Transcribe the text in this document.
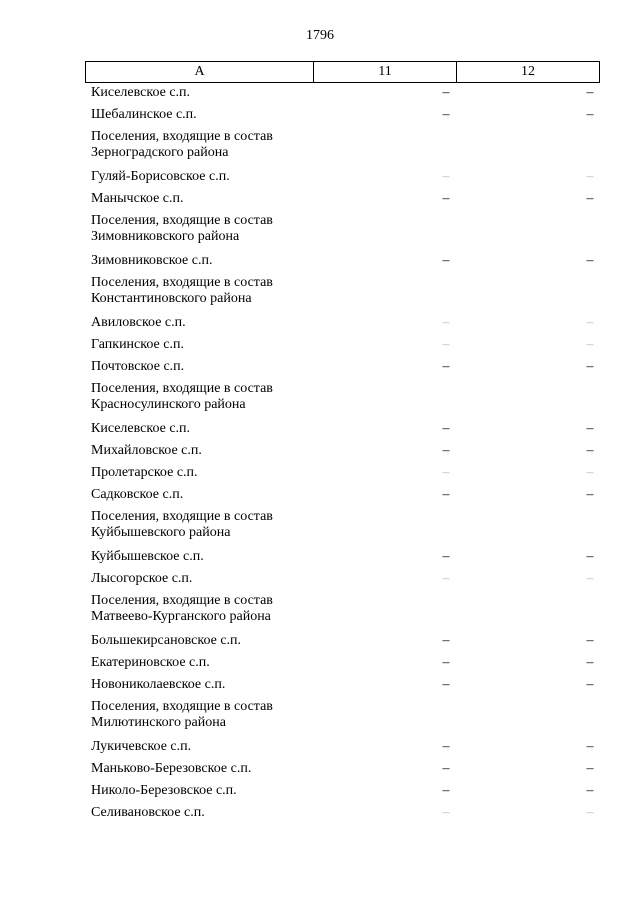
1796
А	11	12
Киселевское с.п.	–	–
Шебалинское с.п.	–	–
Поселения, входящие в состав Зерноградского района
Гуляй-Борисовское с.п.	–	–
Манычское с.п.	–	–
Поселения, входящие в состав Зимовниковского района
Зимовниковское с.п.	–	–
Поселения, входящие в состав Константиновского района
Авиловское с.п.	–	–
Гапкинское с.п.	–	–
Почтовское с.п.	–	–
Поселения, входящие в состав Красносулинского района
Киселевское с.п.	–	–
Михайловское с.п.	–	–
Пролетарское с.п.	–	–
Садковское с.п.	–	–
Поселения, входящие в состав Куйбышевского района
Куйбышевское с.п.	–	–
Лысогорское с.п.	–	–
Поселения, входящие в состав Матвеево-Курганского района
Большекирсановское с.п.	–	–
Екатериновское с.п.	–	–
Новониколаевское с.п.	–	–
Поселения, входящие в состав Милютинского района
Лукичевское с.п.	–	–
Маньково-Березовское с.п.	–	–
Николо-Березовское с.п.	–	–
Селивановское с.п.	–	–
